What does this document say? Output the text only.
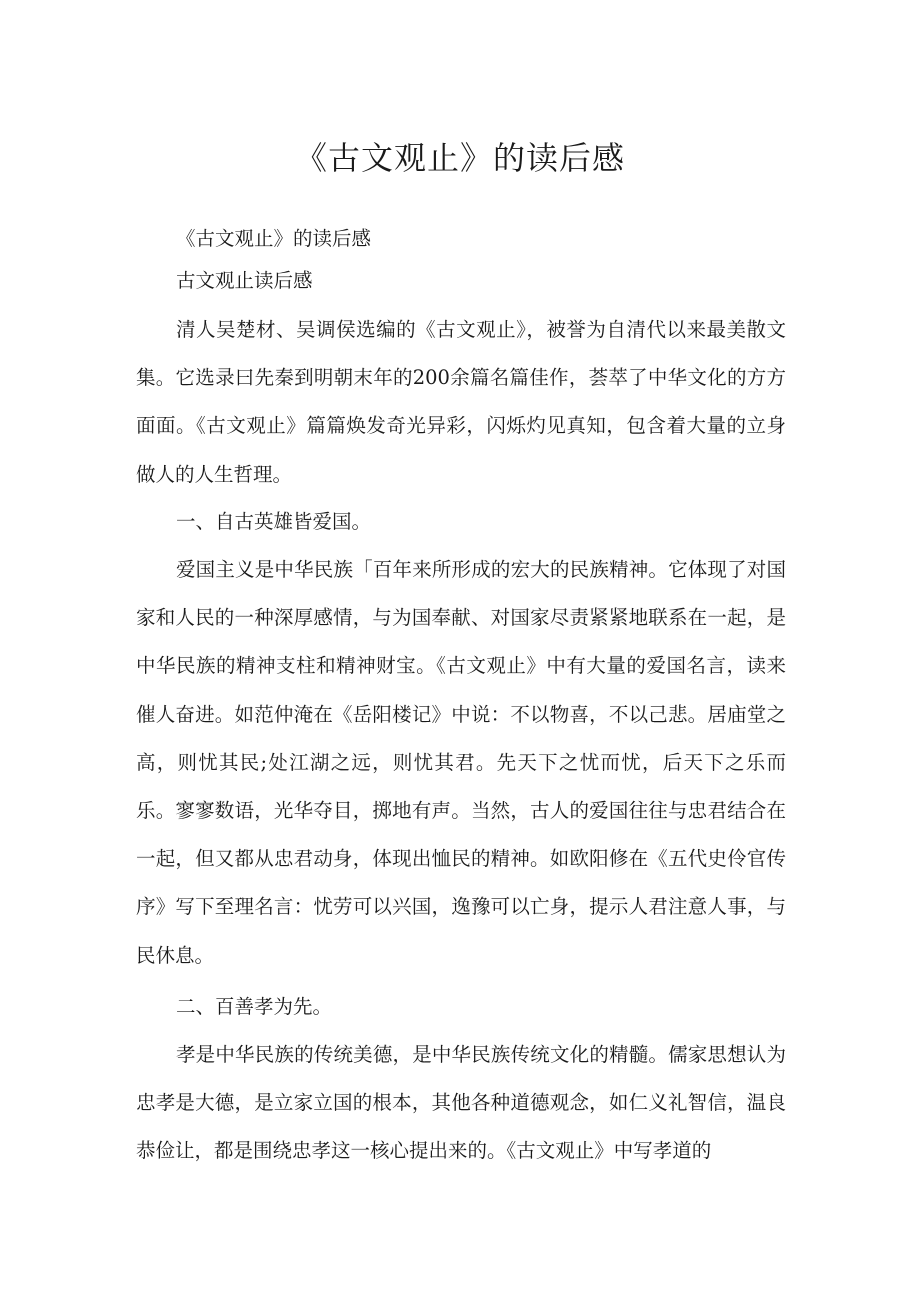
《古文观止》的读后感

《古文观止》的读后感

古文观止读后感

清人吴楚材、吴调侯选编的《古文观止》，被誉为自清代以来最美散文集。它选录曰先秦到明朝末年的200余篇名篇佳作，荟萃了中华文化的方方面面。《古文观止》篇篇焕发奇光异彩，闪烁灼见真知，包含着大量的立身做人的人生哲理。

一、自古英雄皆爱国。

爱国主义是中华民族「百年来所形成的宏大的民族精神。它体现了对国家和人民的一种深厚感情，与为国奉献、对国家尽责紧紧地联系在一起，是中华民族的精神支柱和精神财宝。《古文观止》中有大量的爱国名言，读来催人奋进。如范仲淹在《岳阳楼记》中说：不以物喜，不以己悲。居庙堂之高，则忧其民;处江湖之远，则忧其君。先天下之忧而忧，后天下之乐而乐。寥寥数语，光华夺目，掷地有声。当然，古人的爱国往往与忠君结合在一起，但又都从忠君动身，体现出恤民的精神。如欧阳修在《五代史伶官传序》写下至理名言：忧劳可以兴国，逸豫可以亡身，提示人君注意人事，与民休息。

二、百善孝为先。

孝是中华民族的传统美德，是中华民族传统文化的精髓。儒家思想认为忠孝是大德，是立家立国的根本，其他各种道德观念，如仁义礼智信，温良恭俭让，都是围绕忠孝这一核心提出来的。《古文观止》中写孝道的
